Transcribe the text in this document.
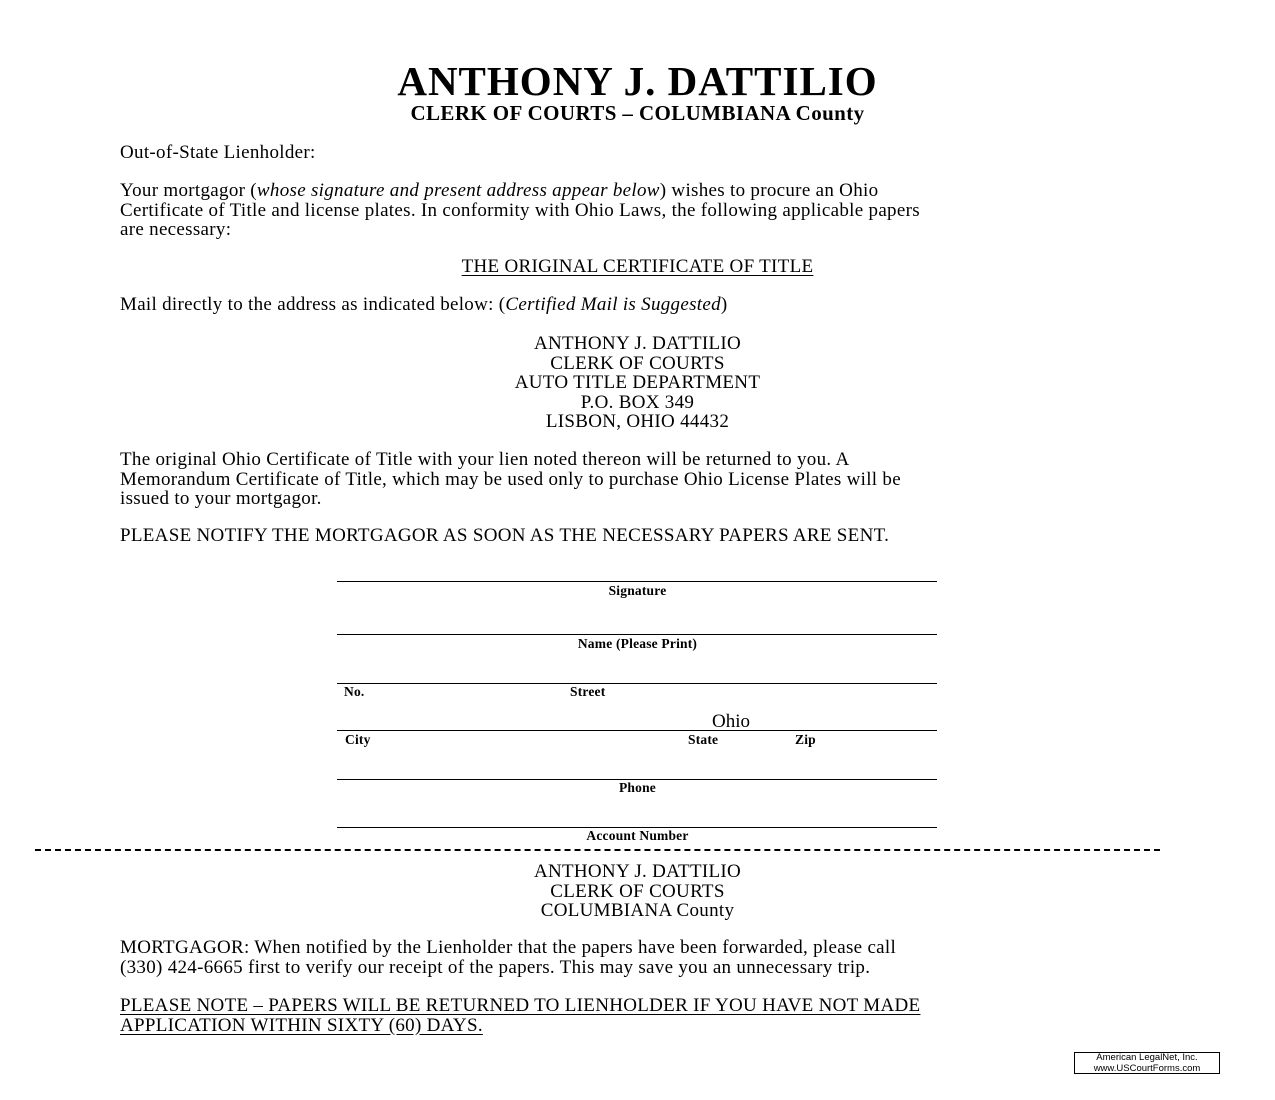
ANTHONY J. DATTILIO
CLERK OF COURTS – COLUMBIANA County
Out-of-State Lienholder:
Your mortgagor (whose signature and present address appear below) wishes to procure an Ohio
Certificate of Title and license plates. In conformity with Ohio Laws, the following applicable papers
are necessary:
THE ORIGINAL CERTIFICATE OF TITLE
Mail directly to the address as indicated below: (Certified Mail is Suggested)
ANTHONY J. DATTILIO
CLERK OF COURTS
AUTO TITLE DEPARTMENT
P.O. BOX 349
LISBON, OHIO 44432
The original Ohio Certificate of Title with your lien noted thereon will be returned to you. A
Memorandum Certificate of Title, which may be used only to purchase Ohio License Plates will be
issued to your mortgagor.
PLEASE NOTIFY THE MORTGAGOR AS SOON AS THE NECESSARY PAPERS ARE SENT.
Signature
Name (Please Print)
No.	Street
Ohio
City	State	Zip
Phone
Account Number
ANTHONY J. DATTILIO
CLERK OF COURTS
COLUMBIANA County
MORTGAGOR: When notified by the Lienholder that the papers have been forwarded, please call
(330) 424-6665 first to verify our receipt of the papers. This may save you an unnecessary trip.
PLEASE NOTE – PAPERS WILL BE RETURNED TO LIENHOLDER IF YOU HAVE NOT MADE
APPLICATION WITHIN SIXTY (60) DAYS.
American LegalNet, Inc.
www.USCourtForms.com
